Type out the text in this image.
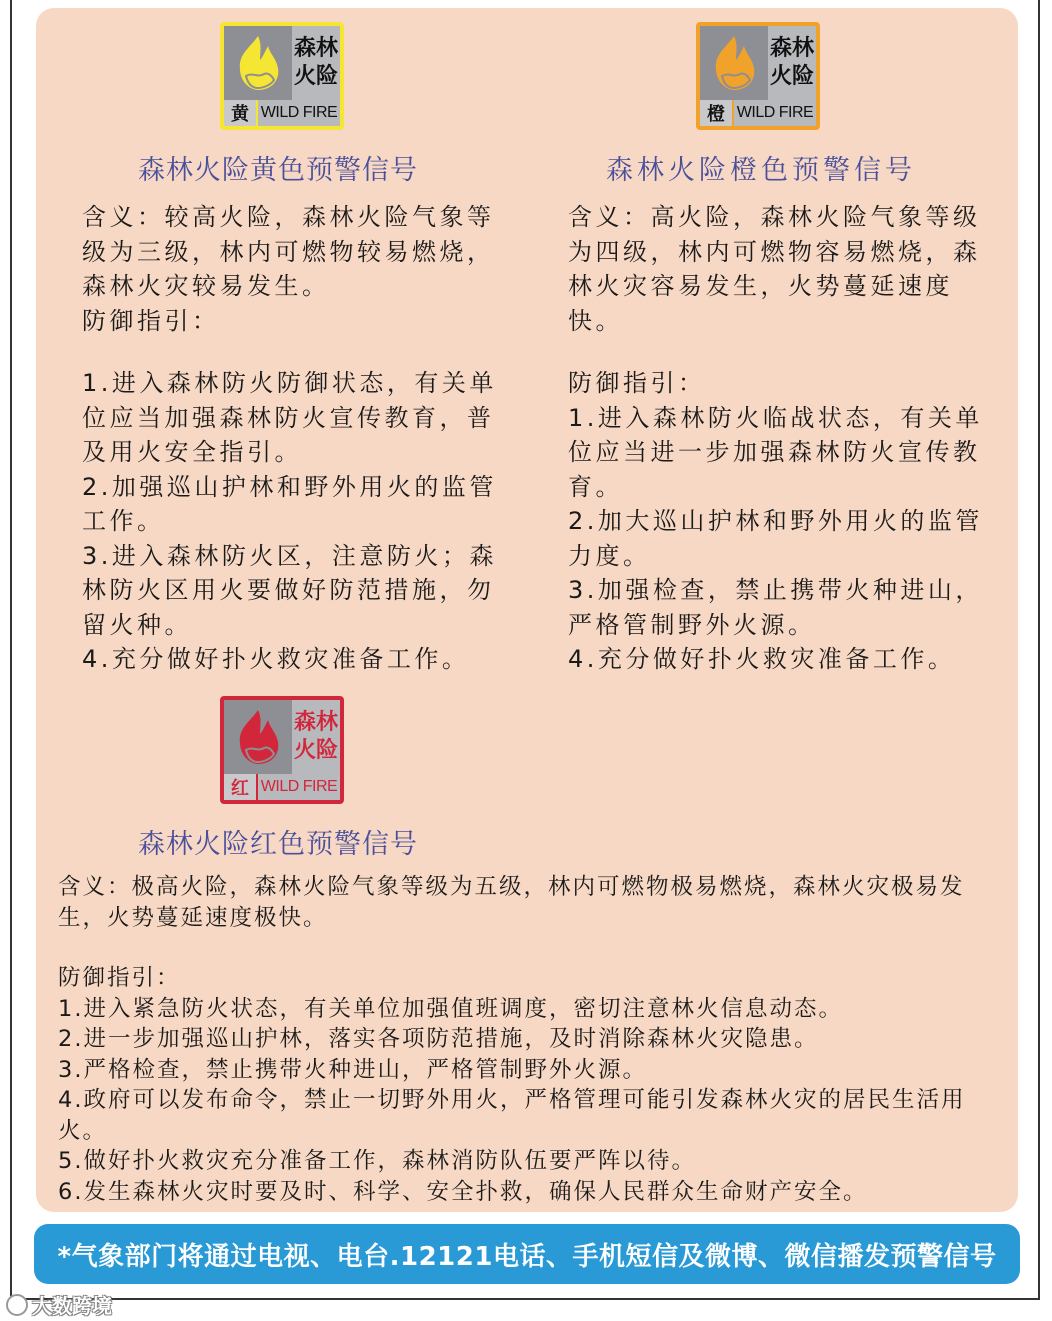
森林
火险
黄 WILD FIRE
森林
火险
橙 WILD FIRE
森林火险黄色预警信号	森林火险橙色预警信号

含义：较高火险，森林火险气象等级为三级，林内可燃物较易燃烧，森林火灾较易发生。

防御指引：

1.进入森林防火防御状态，有关单位应当加强森林防火宣传教育，普及用火安全指引。

2.加强巡山护林和野外用火的监管工作。

3.进入森林防火区，注意防火；森林防火区用火要做好防范措施，勿留火种。

4.充分做好扑火救灾准备工作。

含义：高火险，森林火险气象等级为四级，林内可燃物容易燃烧，森林火灾容易发生，火势蔓延速度快。

防御指引：

1.进入森林防火临战状态，有关单位应当进一步加强森林防火宣传教育。

2.加大巡山护林和野外用火的监管力度。

3.加强检查，禁止携带火种进山，严格管制野外火源。

4.充分做好扑火救灾准备工作。

森林
火险
红 WILD FIRE
森林火险红色预警信号

含义：极高火险，森林火险气象等级为五级，林内可燃物极易燃烧，森林火灾极易发生，火势蔓延速度极快。

防御指引：

1.进入紧急防火状态，有关单位加强值班调度，密切注意林火信息动态。

2.进一步加强巡山护林，落实各项防范措施，及时消除森林火灾隐患。

3.严格检查，禁止携带火种进山，严格管制野外火源。

4.政府可以发布命令，禁止一切野外用火，严格管理可能引发森林火灾的居民生活用火。

5.做好扑火救灾充分准备工作，森林消防队伍要严阵以待。

6.发生森林火灾时要及时、科学、安全扑救，确保人民群众生命财产安全。

*气象部门将通过电视、电台.12121电话、手机短信及微博、微信播发预警信号
大数跨境
